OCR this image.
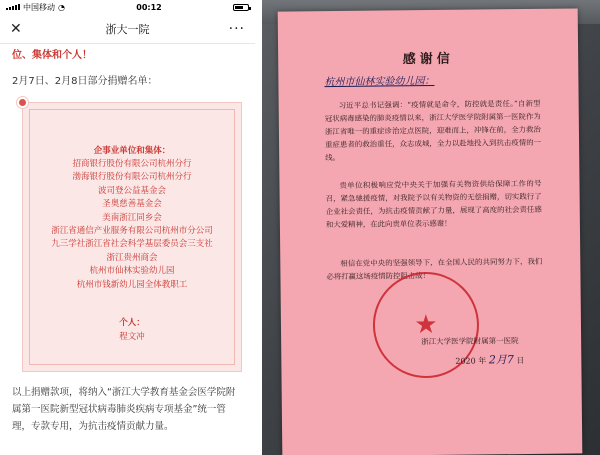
中国移动 ◔	00:12
✕	浙大一院	···
位、集体和个人！
2月7日、2月8日部分捐赠名单：
企事业单位和集体：
招商银行股份有限公司杭州分行
渤海银行股份有限公司杭州分行
波司登公益基金会
圣奥慈善基金会
美南浙江同乡会
浙江省通信产业服务有限公司杭州市分公司
九三学社浙江省社会科学基层委员会三支社
浙江贵州商会
杭州市仙林实验幼儿园
杭州市钱新幼儿园全体教职工
个人：
程文冲
以上捐赠款项，将纳入“浙江大学教育基金会医学院附属第一医院新型冠状病毒肺炎疾病专项基金”统一管理，专款专用，为抗击疫情贡献力量。
感谢信
杭州市仙林实验幼儿园：
习近平总书记强调：“疫情就是命令，防控就是责任。”自新型冠状病毒感染的肺炎疫情以来，浙江大学医学院附属第一医院作为浙江省唯一的重症诊治定点医院，迎难而上，冲锋在前，全力救治重症患者的救治重任，众志成城，全力以赴地投入到抗击疫情的一线。
贵单位积极响应党中央关于加强有关物资供给保障工作的号召，紧急驰援疫情，对我院予以有关物资的无偿捐赠，切实践行了企业社会责任，为抗击疫情贡献了力量，展现了高度的社会责任感和大爱精神，在此向贵单位表示感谢！
相信在党中央的坚强领导下，在全国人民的共同努力下，我们必将打赢这场疫情防控阻击战！
★
浙江大学医学院附属第一医院
2020 年 2月7 日
